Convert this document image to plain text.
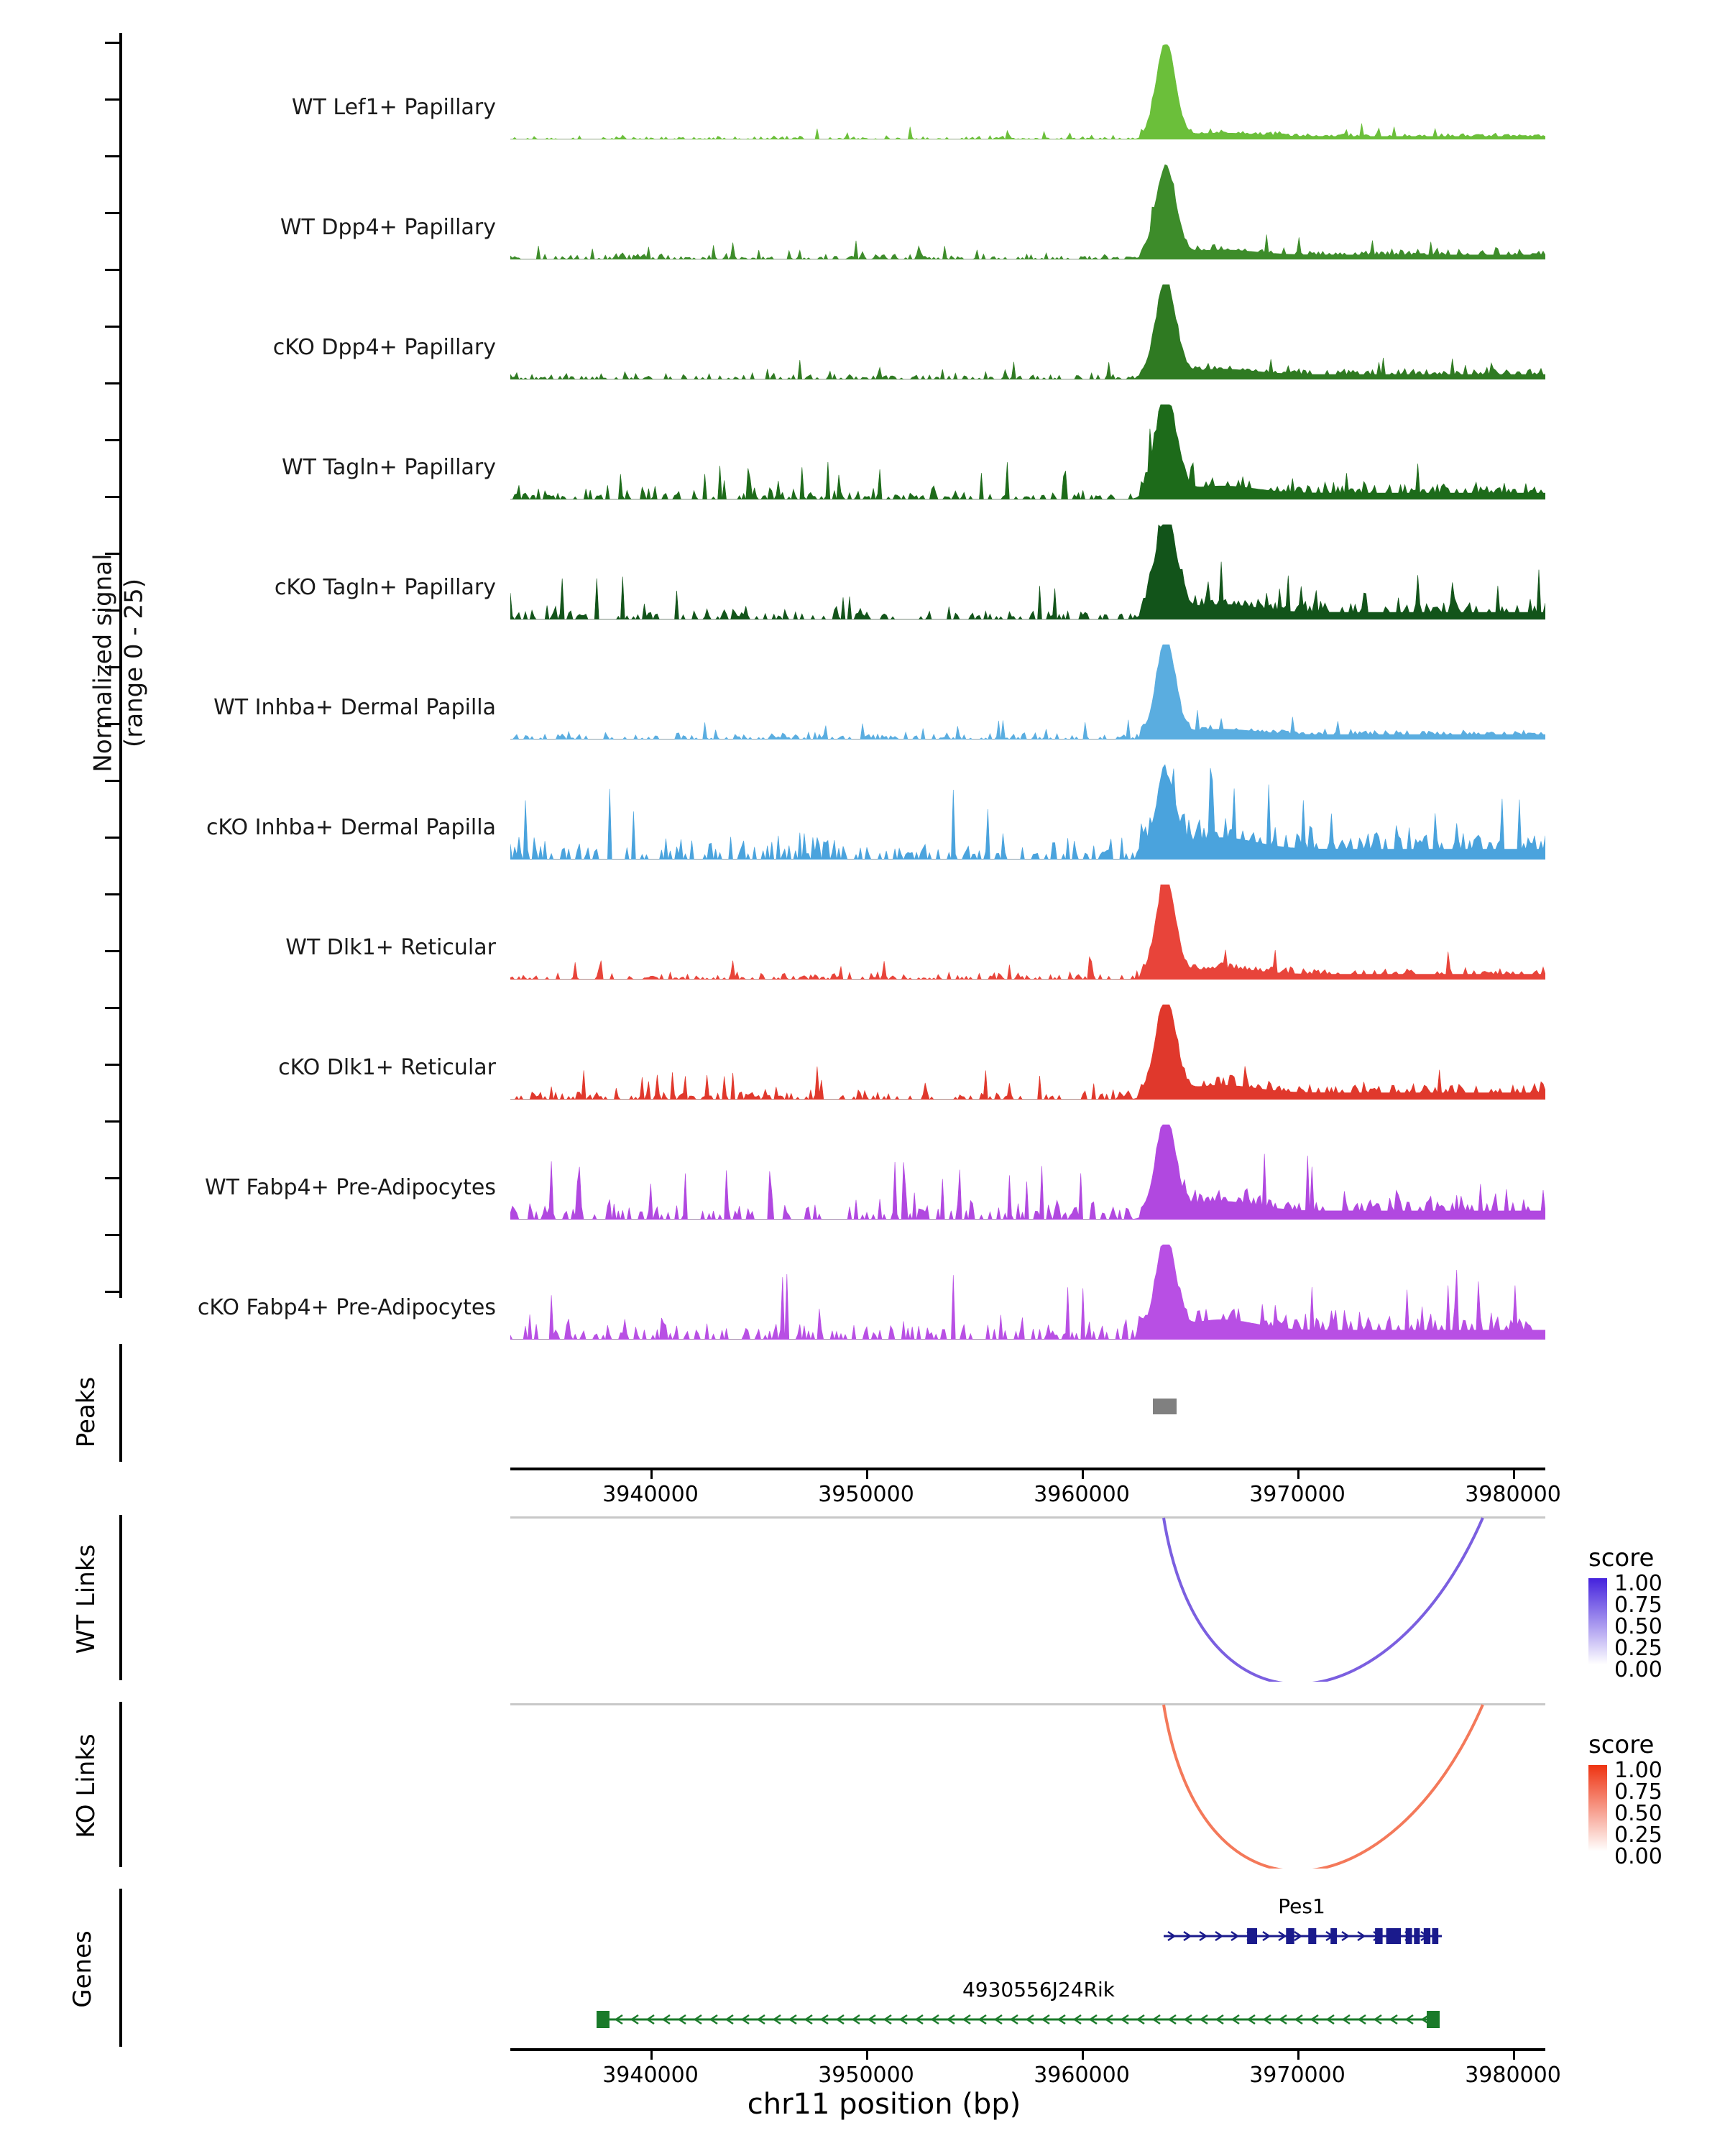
Normalized signal (range 0 - 25)
WT Lef1+ Papillary
WT Dpp4+ Papillary
cKO Dpp4+ Papillary
WT Tagln+ Papillary
cKO Tagln+ Papillary
WT Inhba+ Dermal Papilla
cKO Inhba+ Dermal Papilla
WT Dlk1+ Reticular
cKO Dlk1+ Reticular
WT Fabp4+ Pre-Adipocytes
cKO Fabp4+ Pre-Adipocytes
Peaks
3940000	3950000	3960000	3970000	3980000
WT Links
KO Links
score
1.00
0.75
0.50
0.25
0.00
score
1.00
0.75
0.50
0.25
0.00
Genes
Pes1
4930556J24Rik
3940000	3950000	3960000	3970000	3980000
chr11 position (bp)
